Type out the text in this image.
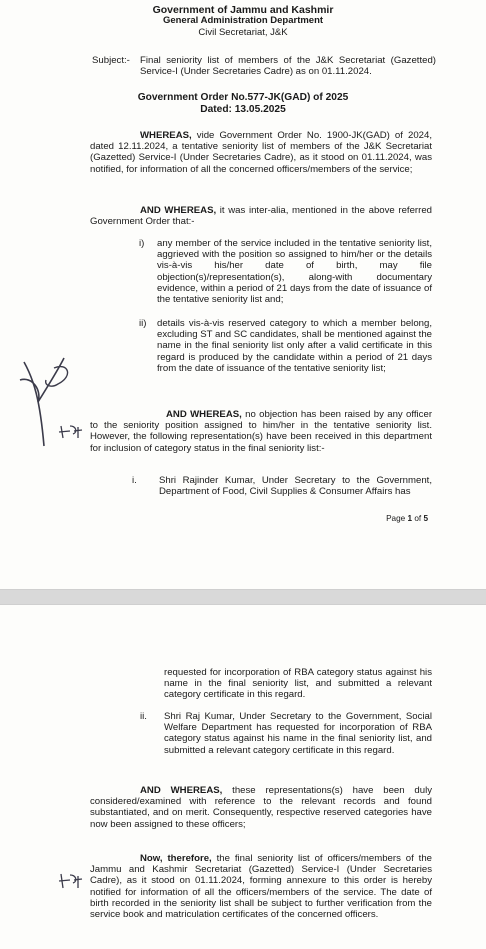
Government of Jammu and Kashmir
General Administration Department
Civil Secretariat, J&K
Subject:- Final seniority list of members of the J&K Secretariat (Gazetted) Service-I (Under Secretaries Cadre) as on 01.11.2024.
Government Order No.577-JK(GAD) of 2025
Dated: 13.05.2025
WHEREAS, vide Government Order No. 1900-JK(GAD) of 2024, dated 12.11.2024, a tentative seniority list of members of the J&K Secretariat (Gazetted) Service-I (Under Secretaries Cadre), as it stood on 01.11.2024, was notified, for information of all the concerned officers/members of the service;
AND WHEREAS, it was inter-alia, mentioned in the above referred Government Order that:-
i) any member of the service included in the tentative seniority list, aggrieved with the position so assigned to him/her or the details vis-à-vis his/her date of birth, may file objection(s)/representation(s), along-with documentary evidence, within a period of 21 days from the date of issuance of the tentative seniority list and;
ii) details vis-à-vis reserved category to which a member belong, excluding ST and SC candidates, shall be mentioned against the name in the final seniority list only after a valid certificate in this regard is produced by the candidate within a period of 21 days from the date of issuance of the tentative seniority list;
AND WHEREAS, no objection has been raised by any officer to the seniority position assigned to him/her in the tentative seniority list. However, the following representation(s) have been received in this department for inclusion of category status in the final seniority list:-
i. Shri Rajinder Kumar, Under Secretary to the Government, Department of Food, Civil Supplies & Consumer Affairs has
Page 1 of 5
requested for incorporation of RBA category status against his name in the final seniority list, and submitted a relevant category certificate in this regard.
ii. Shri Raj Kumar, Under Secretary to the Government, Social Welfare Department has requested for incorporation of RBA category status against his name in the final seniority list, and submitted a relevant category certificate in this regard.
AND WHEREAS, these representations(s) have been duly considered/examined with reference to the relevant records and found substantiated, and on merit. Consequently, respective reserved categories have now been assigned to these officers;
Now, therefore, the final seniority list of officers/members of the Jammu and Kashmir Secretariat (Gazetted) Service-I (Under Secretaries Cadre), as it stood on 01.11.2024, forming annexure to this order is hereby notified for information of all the officers/members of the service. The date of birth recorded in the seniority list shall be subject to further verification from the service book and matriculation certificates of the concerned officers.
